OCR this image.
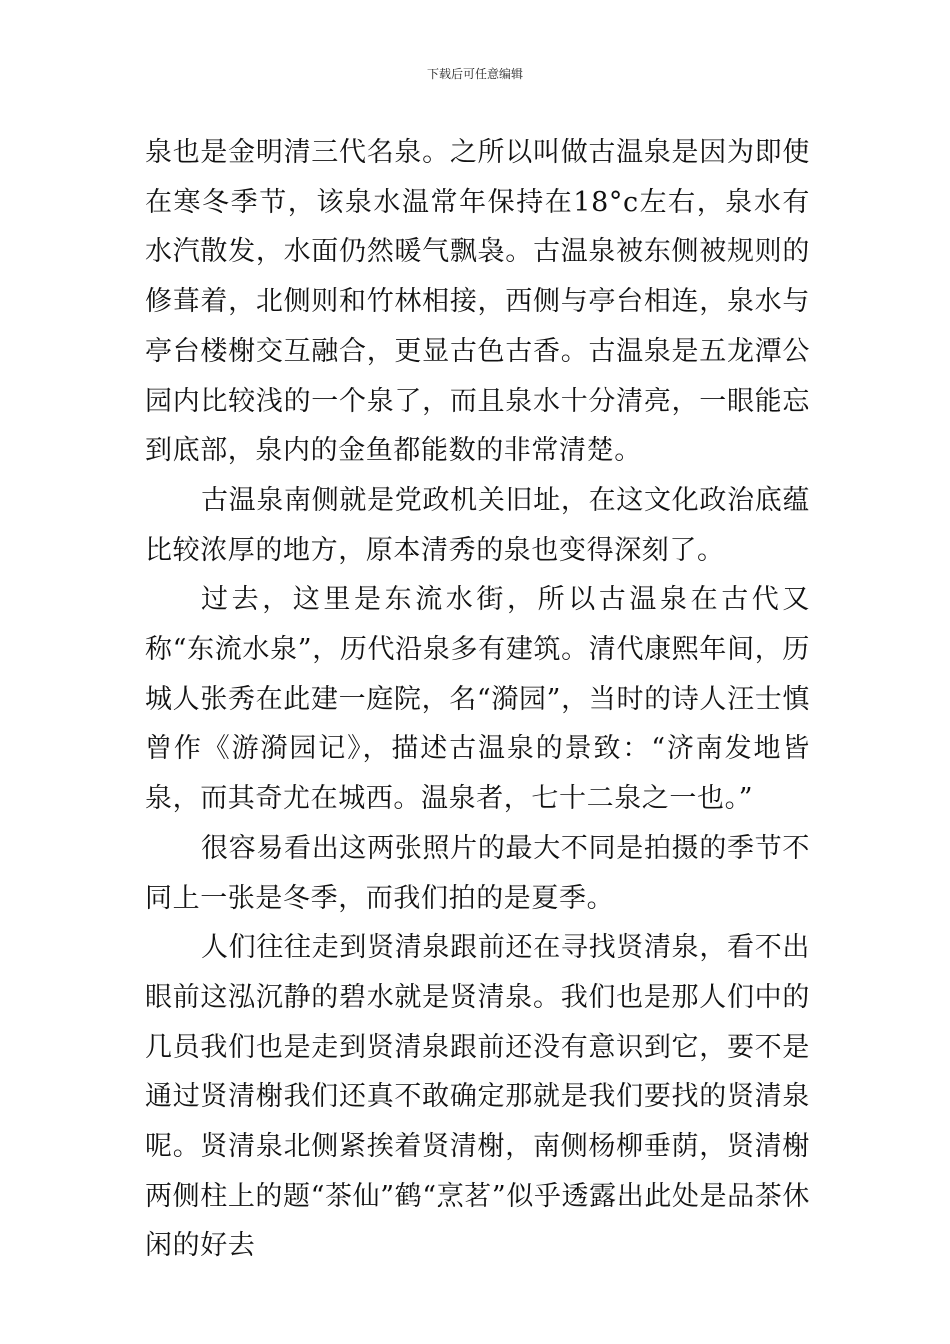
下载后可任意编辑

泉也是金明清三代名泉。之所以叫做古温泉是因为即使在寒冬季节，该泉水温常年保持在18°c左右，泉水有水汽散发，水面仍然暖气飘袅。古温泉被东侧被规则的修葺着，北侧则和竹林相接，西侧与亭台相连，泉水与亭台楼榭交互融合，更显古色古香。古温泉是五龙潭公园内比较浅的一个泉了，而且泉水十分清亮，一眼能忘到底部，泉内的金鱼都能数的非常清楚。

古温泉南侧就是党政机关旧址，在这文化政治底蕴比较浓厚的地方，原本清秀的泉也变得深刻了。

过去，这里是东流水街，所以古温泉在古代又称“东流水泉”，历代沿泉多有建筑。清代康熙年间，历城人张秀在此建一庭院，名“漪园”，当时的诗人汪士慎曾作《游漪园记》，描述古温泉的景致：“济南发地皆泉，而其奇尤在城西。温泉者，七十二泉之一也。”

很容易看出这两张照片的最大不同是拍摄的季节不同上一张是冬季，而我们拍的是夏季。

人们往往走到贤清泉跟前还在寻找贤清泉，看不出眼前这泓沉静的碧水就是贤清泉。我们也是那人们中的几员我们也是走到贤清泉跟前还没有意识到它，要不是通过贤清榭我们还真不敢确定那就是我们要找的贤清泉呢。贤清泉北侧紧挨着贤清榭，南侧杨柳垂荫，贤清榭两侧柱上的题“茶仙”鹤“烹茗”似乎透露出此处是品茶休闲的好去
